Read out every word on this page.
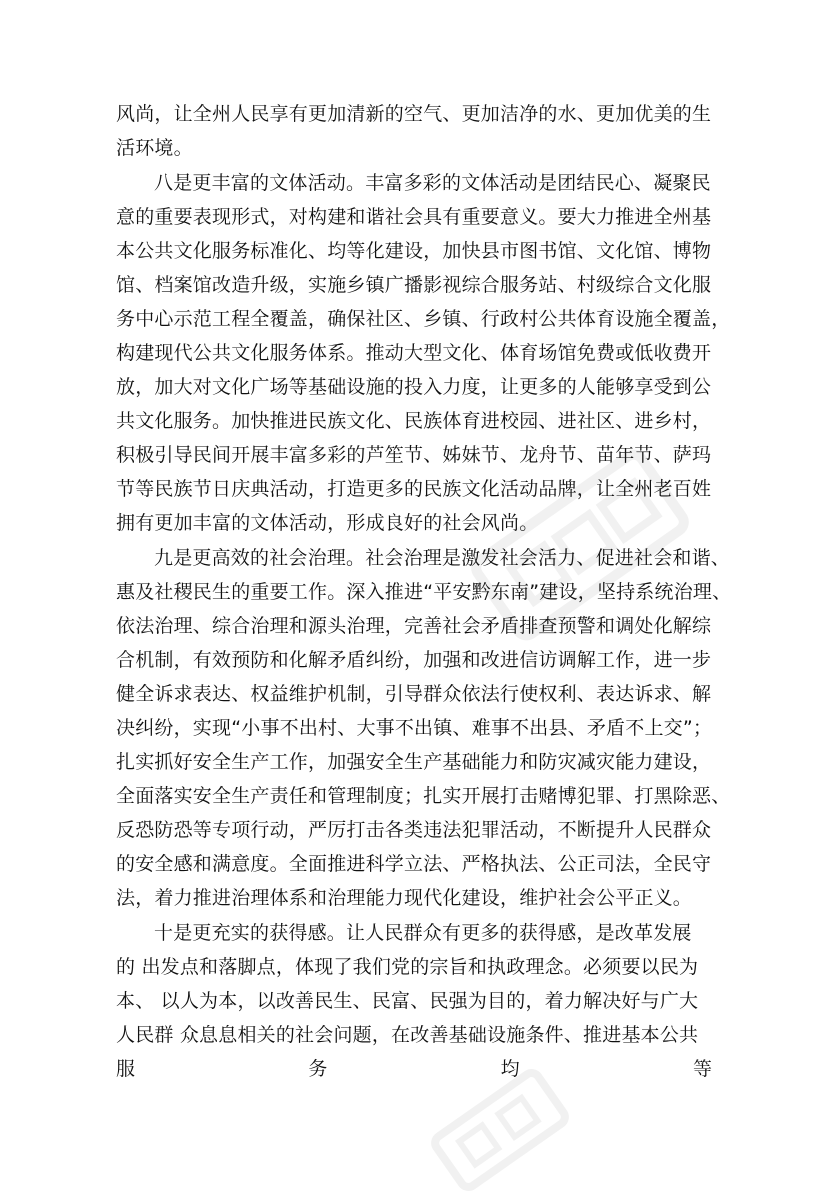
风尚，让全州人民享有更加清新的空气、更加洁净的水、更加优美的生
活环境。
八是更丰富的文体活动。丰富多彩的文体活动是团结民心、凝聚民
意的重要表现形式，对构建和谐社会具有重要意义。要大力推进全州基
本公共文化服务标准化、均等化建设，加快县市图书馆、文化馆、博物
馆、档案馆改造升级，实施乡镇广播影视综合服务站、村级综合文化服
务中心示范工程全覆盖，确保社区、乡镇、行政村公共体育设施全覆盖，
构建现代公共文化服务体系。推动大型文化、体育场馆免费或低收费开
放，加大对文化广场等基础设施的投入力度，让更多的人能够享受到公
共文化服务。加快推进民族文化、民族体育进校园、进社区、进乡村，
积极引导民间开展丰富多彩的芦笙节、姊妹节、龙舟节、苗年节、萨玛
节等民族节日庆典活动，打造更多的民族文化活动品牌，让全州老百姓
拥有更加丰富的文体活动，形成良好的社会风尚。
九是更高效的社会治理。社会治理是激发社会活力、促进社会和谐、
惠及社稷民生的重要工作。深入推进“平安黔东南”建设，坚持系统治理、
依法治理、综合治理和源头治理，完善社会矛盾排查预警和调处化解综
合机制，有效预防和化解矛盾纠纷，加强和改进信访调解工作，进一步
健全诉求表达、权益维护机制，引导群众依法行使权利、表达诉求、解
决纠纷，实现“小事不出村、大事不出镇、难事不出县、矛盾不上交”；
扎实抓好安全生产工作，加强安全生产基础能力和防灾减灾能力建设，
全面落实安全生产责任和管理制度；扎实开展打击赌博犯罪、打黑除恶、
反恐防恐等专项行动，严厉打击各类违法犯罪活动，不断提升人民群众
的安全感和满意度。全面推进科学立法、严格执法、公正司法，全民守
法，着力推进治理体系和治理能力现代化建设，维护社会公平正义。
十是更充实的获得感。让人民群众有更多的获得感，是改革发展
的 出发点和落脚点，体现了我们党的宗旨和执政理念。必须要以民为
本、 以人为本，以改善民生、民富、民强为目的，着力解决好与广大
人民群 众息息相关的社会问题，在改善基础设施条件、推进基本公共
服	务	均	等
